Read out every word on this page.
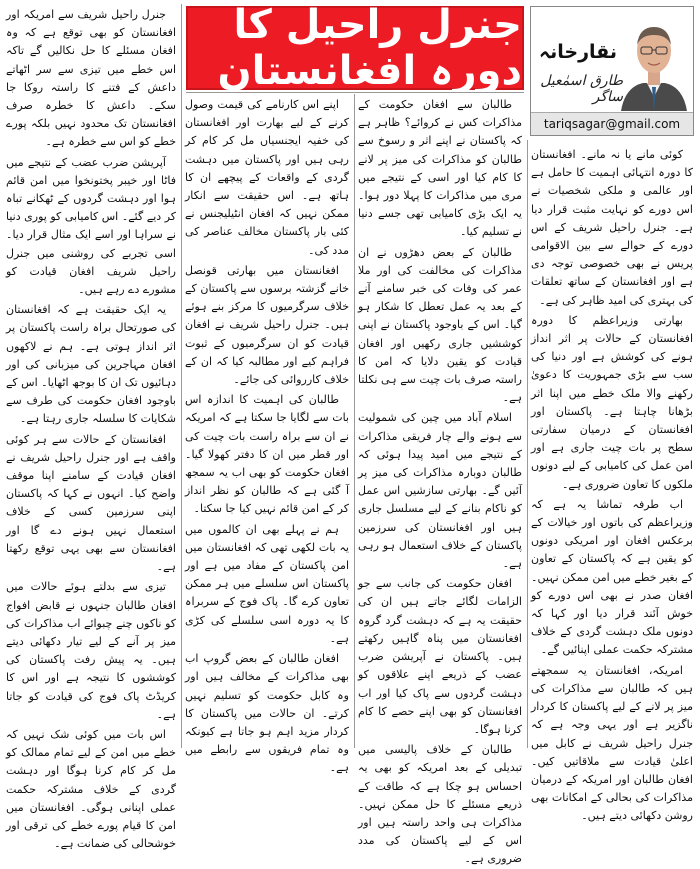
جنرل راحیل کا دورہ افغانستان نقارخانہ
طارق اسمٰعیل ساگر
tariqsagar@gmail.com

کوئی مانے یا نہ مانے۔ افغانستان کا دورہ انتہائی اہمیت کا حامل ہے اور عالمی و ملکی شخصیات نے اس دورے کو نہایت مثبت قرار دیا ہے۔ جنرل راحیل شریف کے اس دورے کے حوالے سے بین الاقوامی پریس نے بھی خصوصی توجہ دی ہے اور افغانستان کے ساتھ تعلقات کی بہتری کی امید ظاہر کی ہے۔

بھارتی وزیراعظم کا دورہ افغانستان کے حالات پر اثر انداز ہونے کی کوشش ہے اور دنیا کی سب سے بڑی جمہوریت کا دعویٰ رکھنے والا ملک خطے میں اپنا اثر بڑھانا چاہتا ہے۔ پاکستان اور افغانستان کے درمیان سفارتی سطح پر بات چیت جاری ہے اور امن عمل کی کامیابی کے لیے دونوں ملکوں کا تعاون ضروری ہے۔

اب طرفہ تماشا یہ ہے کہ وزیراعظم کی باتوں اور خیالات کے برعکس افغان اور امریکی دونوں کو یقین ہے کہ پاکستان کے تعاون کے بغیر خطے میں امن ممکن نہیں۔ افغان صدر نے بھی اس دورے کو خوش آئند قرار دیا اور کہا کہ دونوں ملک دہشت گردی کے خلاف مشترکہ حکمت عملی اپنائیں گے۔

امریکہ، افغانستان یہ سمجھتے ہیں کہ طالبان سے مذاکرات کی میز پر لانے کے لیے پاکستان کا کردار ناگزیر ہے اور یہی وجہ ہے کہ جنرل راحیل شریف نے کابل میں اعلیٰ قیادت سے ملاقاتیں کیں۔ افغان طالبان اور امریکہ کے درمیان مذاکرات کی بحالی کے امکانات بھی روشن دکھائی دیتے ہیں۔

طالبان سے افغان حکومت کے مذاکرات کس نے کروائے؟ ظاہر ہے کہ پاکستان نے اپنے اثر و رسوخ سے طالبان کو مذاکرات کی میز پر لانے کا کام کیا اور اسی کے نتیجے میں مری میں مذاکرات کا پہلا دور ہوا۔ یہ ایک بڑی کامیابی تھی جسے دنیا نے تسلیم کیا۔

طالبان کے بعض دھڑوں نے ان مذاکرات کی مخالفت کی اور ملا عمر کی وفات کی خبر سامنے آنے کے بعد یہ عمل تعطل کا شکار ہو گیا۔ اس کے باوجود پاکستان نے اپنی کوششیں جاری رکھیں اور افغان قیادت کو یقین دلایا کہ امن کا راستہ صرف بات چیت سے ہی نکلتا ہے۔

اسلام آباد میں چین کی شمولیت سے ہونے والے چار فریقی مذاکرات کے نتیجے میں امید پیدا ہوئی کہ طالبان دوبارہ مذاکرات کی میز پر آئیں گے۔ بھارتی سازشیں اس عمل کو ناکام بنانے کے لیے مسلسل جاری ہیں اور افغانستان کی سرزمین پاکستان کے خلاف استعمال ہو رہی ہے۔

افغان حکومت کی جانب سے جو الزامات لگائے جاتے ہیں ان کی حقیقت یہ ہے کہ دہشت گرد گروہ افغانستان میں پناہ گاہیں رکھتے ہیں۔ پاکستان نے آپریشن ضرب عضب کے ذریعے اپنے علاقوں کو دہشت گردوں سے پاک کیا اور اب افغانستان کو بھی اپنے حصے کا کام کرنا ہوگا۔

طالبان کے خلاف پالیسی میں تبدیلی کے بعد امریکہ کو بھی یہ احساس ہو چکا ہے کہ طاقت کے ذریعے مسئلے کا حل ممکن نہیں۔ مذاکرات ہی واحد راستہ ہیں اور اس کے لیے پاکستان کی مدد ضروری ہے۔

اپنے اس کارنامے کی قیمت وصول کرنے کے لیے بھارت اور افغانستان کی خفیہ ایجنسیاں مل کر کام کر رہی ہیں اور پاکستان میں دہشت گردی کے واقعات کے پیچھے ان کا ہاتھ ہے۔ اس حقیقت سے انکار ممکن نہیں کہ افغان انٹیلیجنس نے کئی بار پاکستان مخالف عناصر کی مدد کی۔

افغانستان میں بھارتی قونصل خانے گزشتہ برسوں سے پاکستان کے خلاف سرگرمیوں کا مرکز بنے ہوئے ہیں۔ جنرل راحیل شریف نے افغان قیادت کو ان سرگرمیوں کے ثبوت فراہم کیے اور مطالبہ کیا کہ ان کے خلاف کارروائی کی جائے۔

طالبان کی اہمیت کا اندازہ اس بات سے لگایا جا سکتا ہے کہ امریکہ نے ان سے براہ راست بات چیت کی اور قطر میں ان کا دفتر کھولا گیا۔ افغان حکومت کو بھی اب یہ سمجھ آ گئی ہے کہ طالبان کو نظر انداز کر کے امن قائم نہیں کیا جا سکتا۔

ہم نے پہلے بھی ان کالموں میں یہ بات لکھی تھی کہ افغانستان میں امن پاکستان کے مفاد میں ہے اور پاکستان اس سلسلے میں ہر ممکن تعاون کرے گا۔ پاک فوج کے سربراہ کا یہ دورہ اسی سلسلے کی کڑی ہے۔

افغان طالبان کے بعض گروپ اب بھی مذاکرات کے مخالف ہیں اور وہ کابل حکومت کو تسلیم نہیں کرتے۔ ان حالات میں پاکستان کا کردار مزید اہم ہو جاتا ہے کیونکہ وہ تمام فریقوں سے رابطے میں ہے۔

جنرل راحیل شریف سے امریکہ اور افغانستان کو بھی توقع ہے کہ وہ افغان مسئلے کا حل نکالیں گے تاکہ اس خطے میں تیزی سے سر اٹھاتے داعش کے فتنے کا راستہ روکا جا سکے۔ داعش کا خطرہ صرف افغانستان تک محدود نہیں بلکہ پورے خطے کو اس سے خطرہ ہے۔

آپریشن ضرب عضب کے نتیجے میں فاٹا اور خیبر پختونخوا میں امن قائم ہوا اور دہشت گردوں کے ٹھکانے تباہ کر دیے گئے۔ اس کامیابی کو پوری دنیا نے سراہا اور اسے ایک مثال قرار دیا۔ اسی تجربے کی روشنی میں جنرل راحیل شریف افغان قیادت کو مشورے دے رہے ہیں۔

یہ ایک حقیقت ہے کہ افغانستان کی صورتحال براہ راست پاکستان پر اثر انداز ہوتی ہے۔ ہم نے لاکھوں افغان مہاجرین کی میزبانی کی اور دہائیوں تک ان کا بوجھ اٹھایا۔ اس کے باوجود افغان حکومت کی طرف سے شکایات کا سلسلہ جاری رہتا ہے۔

افغانستان کے حالات سے ہر کوئی واقف ہے اور جنرل راحیل شریف نے افغان قیادت کے سامنے اپنا موقف واضح کیا۔ انہوں نے کہا کہ پاکستان اپنی سرزمین کسی کے خلاف استعمال نہیں ہونے دے گا اور افغانستان سے بھی یہی توقع رکھتا ہے۔

تیزی سے بدلتے ہوئے حالات میں افغان طالبان جنہوں نے قابض افواج کو ناکوں چنے چبوائے اب مذاکرات کی میز پر آنے کے لیے تیار دکھائی دیتے ہیں۔ یہ پیش رفت پاکستان کی کوششوں کا نتیجہ ہے اور اس کا کریڈٹ پاک فوج کی قیادت کو جاتا ہے۔

اس بات میں کوئی شک نہیں کہ خطے میں امن کے لیے تمام ممالک کو مل کر کام کرنا ہوگا اور دہشت گردی کے خلاف مشترکہ حکمت عملی اپنانی ہوگی۔ افغانستان میں امن کا قیام پورے خطے کی ترقی اور خوشحالی کی ضمانت ہے۔
